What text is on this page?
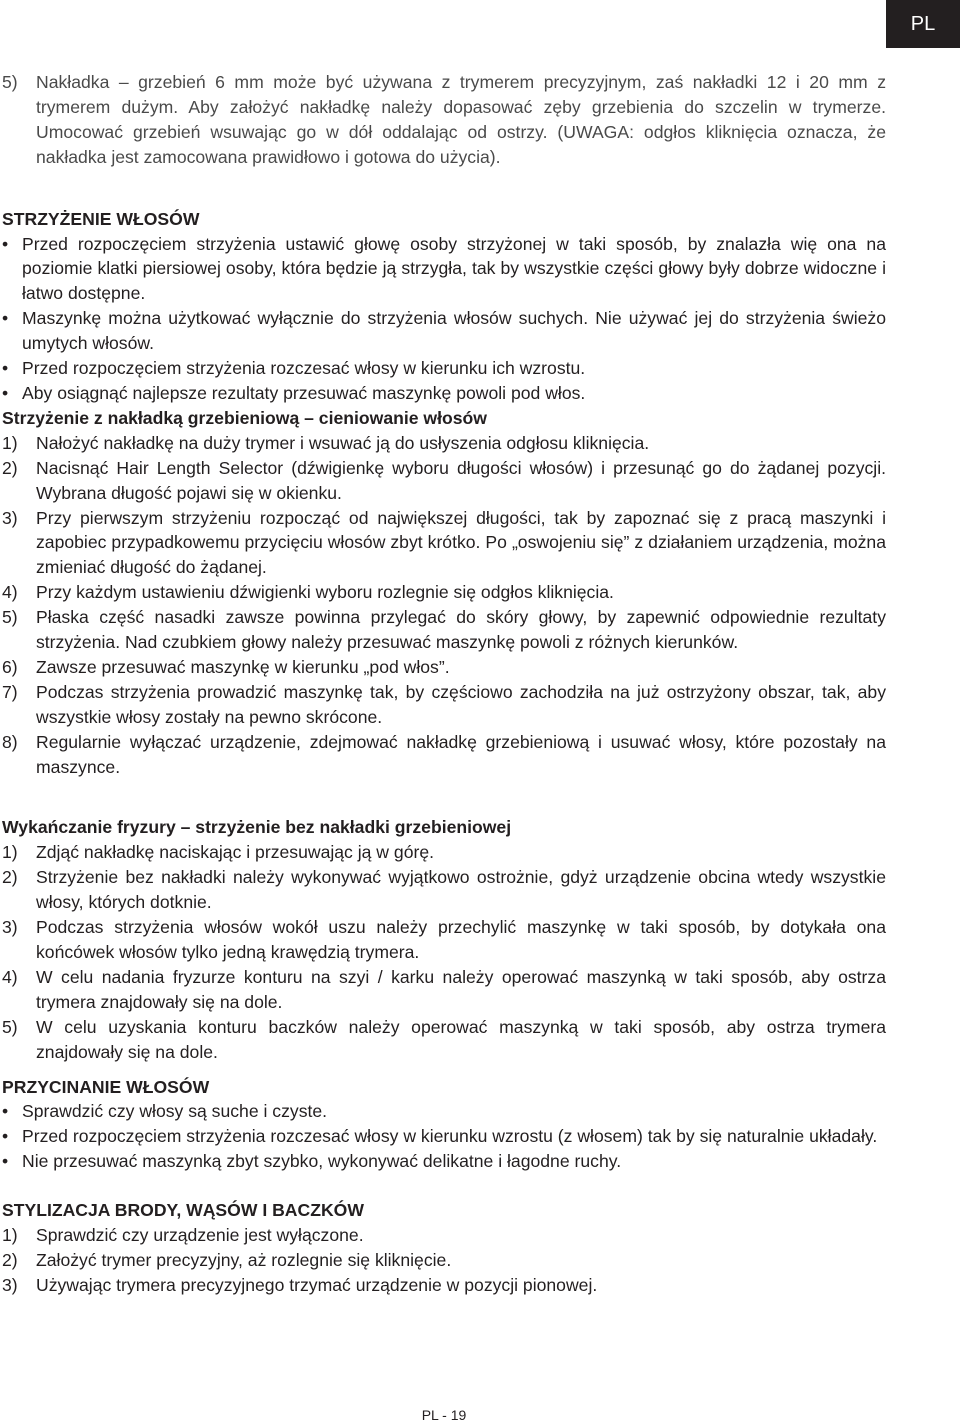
PL
5) Nakładka – grzebień 6 mm może być używana z trymerem precyzyjnym, zaś nakładki 12 i 20 mm z trymerem dużym. Aby założyć nakładkę należy dopasować zęby grzebienia do szczelin w trymerze. Umocować grzebień wsuwając go w dół oddalając od ostrzy. (UWAGA: odgłos kliknięcia oznacza, że nakładka jest zamocowana prawidłowo i gotowa do użycia).
STRZYŻENIE WŁOSÓW
• Przed rozpoczęciem strzyżenia ustawić głowę osoby strzyżonej w taki sposób, by znalazła wię ona na poziomie klatki piersiowej osoby, która będzie ją strzygła, tak by wszystkie części głowy były dobrze widoczne i łatwo dostępne.
• Maszynkę można użytkować wyłącznie do strzyżenia włosów suchych. Nie używać jej do strzyżenia świeżo umytych włosów.
• Przed rozpoczęciem strzyżenia rozczesać włosy w kierunku ich wzrostu.
• Aby osiągnąć najlepsze rezultaty przesuwać maszynkę powoli pod włos.
Strzyżenie z nakładką grzebieniową – cieniowanie włosów
1) Nałożyć nakładkę na duży trymer i wsuwać ją do usłyszenia odgłosu kliknięcia.
2) Nacisnąć Hair Length Selector (dźwigienkę wyboru długości włosów) i przesunąć go do żądanej pozycji. Wybrana długość pojawi się w okienku.
3) Przy pierwszym strzyżeniu rozpocząć od największej długości, tak by zapoznać się z pracą maszynki i zapobiec przypadkowemu przycięciu włosów zbyt krótko. Po „oswojeniu się” z działaniem urządzenia, można zmieniać długość do żądanej.
4) Przy każdym ustawieniu dźwigienki wyboru rozlegnie się odgłos kliknięcia.
5) Płaska część nasadki zawsze powinna przylegać do skóry głowy, by zapewnić odpowiednie rezultaty strzyżenia. Nad czubkiem głowy należy przesuwać maszynkę powoli z różnych kierunków.
6) Zawsze przesuwać maszynkę w kierunku „pod włos”.
7) Podczas strzyżenia prowadzić maszynkę tak, by częściowo zachodziła na już ostrzyżony obszar, tak, aby wszystkie włosy zostały na pewno skrócone.
8) Regularnie wyłączać urządzenie, zdejmować nakładkę grzebieniową i usuwać włosy, które pozostały na maszynce.
Wykańczanie fryzury – strzyżenie bez nakładki grzebieniowej
1) Zdjąć nakładkę naciskając i przesuwając ją w górę.
2) Strzyżenie bez nakładki należy wykonywać wyjątkowo ostrożnie, gdyż urządzenie obcina wtedy wszystkie włosy, których dotknie.
3) Podczas strzyżenia włosów wokół uszu należy przechylić maszynkę w taki sposób, by dotykała ona końcówek włosów tylko jedną krawędzią trymera.
4) W celu nadania fryzurze konturu na szyi / karku należy operować maszynką w taki sposób, aby ostrza trymera znajdowały się na dole.
5) W celu uzyskania konturu baczków należy operować maszynką w taki sposób, aby ostrza trymera znajdowały się na dole.
PRZYCINANIE WŁOSÓW
• Sprawdzić czy włosy są suche i czyste.
• Przed rozpoczęciem strzyżenia rozczesać włosy w kierunku wzrostu (z włosem) tak by się naturalnie układały.
• Nie przesuwać maszynką zbyt szybko, wykonywać delikatne i łagodne ruchy.
STYLIZACJA BRODY, WĄSÓW I BACZKÓW
1) Sprawdzić czy urządzenie jest wyłączone.
2) Założyć trymer precyzyjny, aż rozlegnie się kliknięcie.
3) Używając trymera precyzyjnego trzymać urządzenie w pozycji pionowej.
PL - 19
